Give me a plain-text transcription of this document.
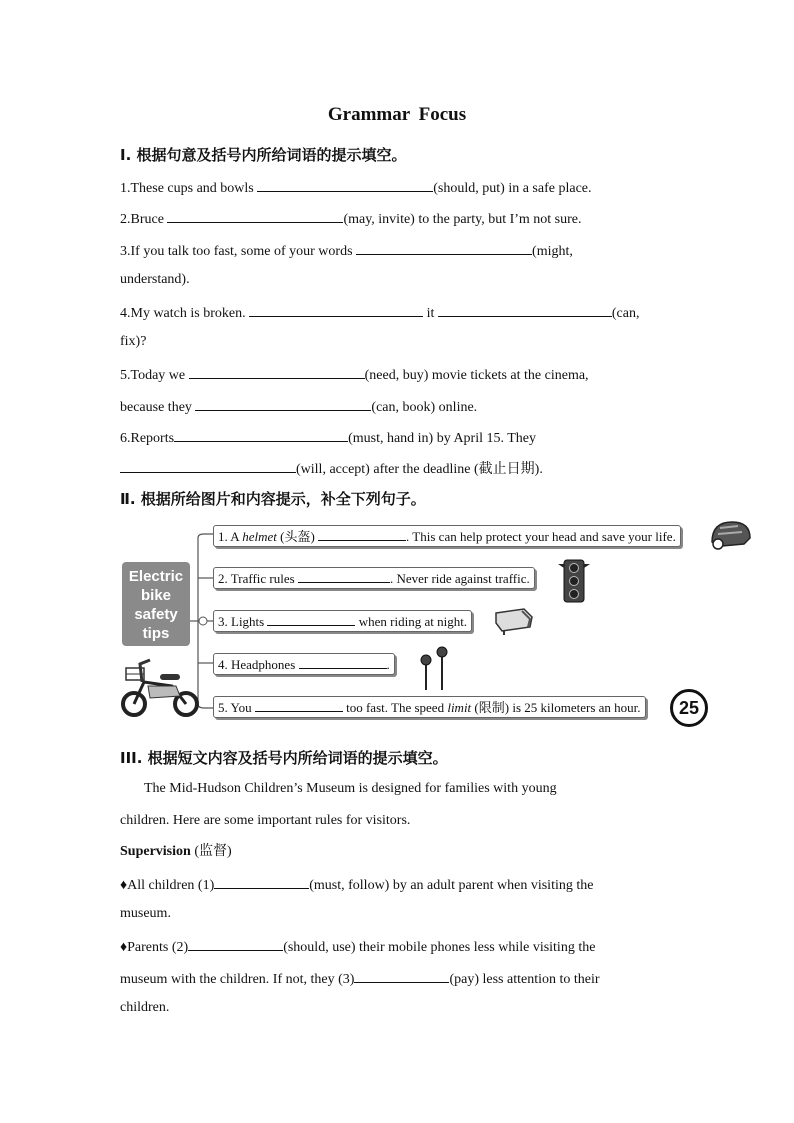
Grammar Focus
Ⅰ. 根据句意及括号内所给词语的提示填空。
1.These cups and bowls	(should, put) in a safe place.
2.Bruce	(may, invite) to the party, but I’m not sure.
3.If you talk too fast, some of your words	(might,
understand).
4.My watch is broken.	it	(can,
fix)?
5.Today we	(need, buy) movie tickets at the cinema,
because they	(can, book) online.
6.Reports	(must, hand in) by April 15. They
(will, accept) after the deadline (截止日期).
Ⅱ. 根据所给图片和内容提示，补全下列句子。
Electric
bike
safety
tips
1. A helmet (头盔)	. This can help protect your head and save your life.
2. Traffic rules	. Never ride against traffic.
3. Lights	when riding at night.
4. Headphones	.
5. You	too fast. The speed limit (限制) is 25 kilometers an hour.	25
III. 根据短文内容及括号内所给词语的提示填空。
The Mid-Hudson Children’s Museum is designed for families with young
children. Here are some important rules for visitors.
Supervision (监督)
♦All children (1)	(must, follow) by an adult parent when visiting the
museum.
♦Parents (2)	(should, use) their mobile phones less while visiting the
museum with the children. If not, they (3)	(pay) less attention to their
children.
